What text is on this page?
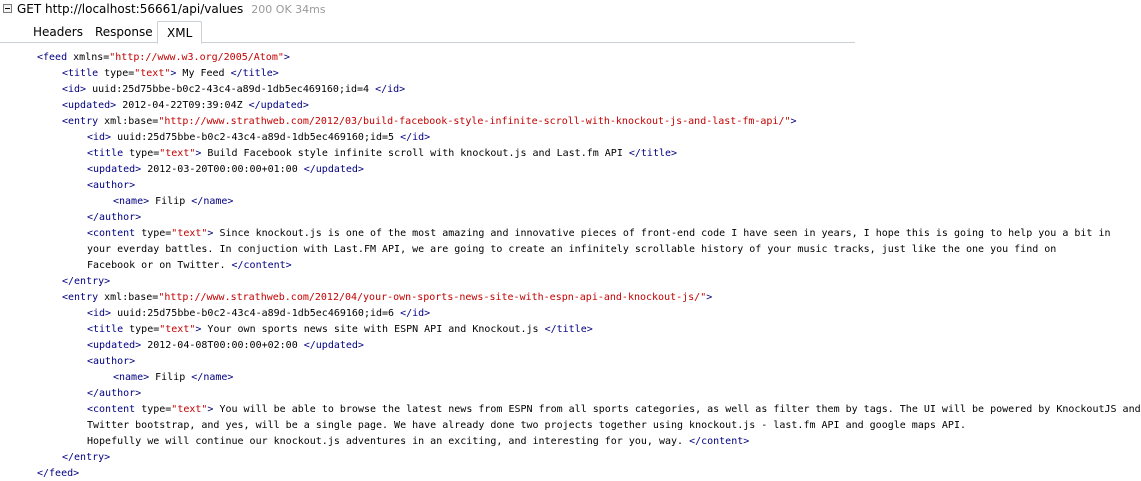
GET http://localhost:56661/api/values 200 OK 34ms
Headers	Response	XML
<feed xmlns="http://www.w3.org/2005/Atom">
<title type="text"> My Feed </title>
<id> uuid:25d75bbe-b0c2-43c4-a89d-1db5ec469160;id=4 </id>
<updated> 2012-04-22T09:39:04Z </updated>
<entry xml:base="http://www.strathweb.com/2012/03/build-facebook-style-infinite-scroll-with-knockout-js-and-last-fm-api/">
<id> uuid:25d75bbe-b0c2-43c4-a89d-1db5ec469160;id=5 </id>
<title type="text"> Build Facebook style infinite scroll with knockout.js and Last.fm API </title>
<updated> 2012-03-20T00:00:00+01:00 </updated>
<author>
<name> Filip </name>
</author>
<content type="text"> Since knockout.js is one of the most amazing and innovative pieces of front-end code I have seen in years, I hope this is going to help you a bit in
your everday battles. In conjuction with Last.FM API, we are going to create an infinitely scrollable history of your music tracks, just like the one you find on
Facebook or on Twitter. </content>
</entry>
<entry xml:base="http://www.strathweb.com/2012/04/your-own-sports-news-site-with-espn-api-and-knockout-js/">
<id> uuid:25d75bbe-b0c2-43c4-a89d-1db5ec469160;id=6 </id>
<title type="text"> Your own sports news site with ESPN API and Knockout.js </title>
<updated> 2012-04-08T00:00:00+02:00 </updated>
<author>
<name> Filip </name>
</author>
<content type="text"> You will be able to browse the latest news from ESPN from all sports categories, as well as filter them by tags. The UI will be powered by KnockoutJS and
Twitter bootstrap, and yes, will be a single page. We have already done two projects together using knockout.js - last.fm API and google maps API.
Hopefully we will continue our knockout.js adventures in an exciting, and interesting for you, way. </content>
</entry>
</feed>
